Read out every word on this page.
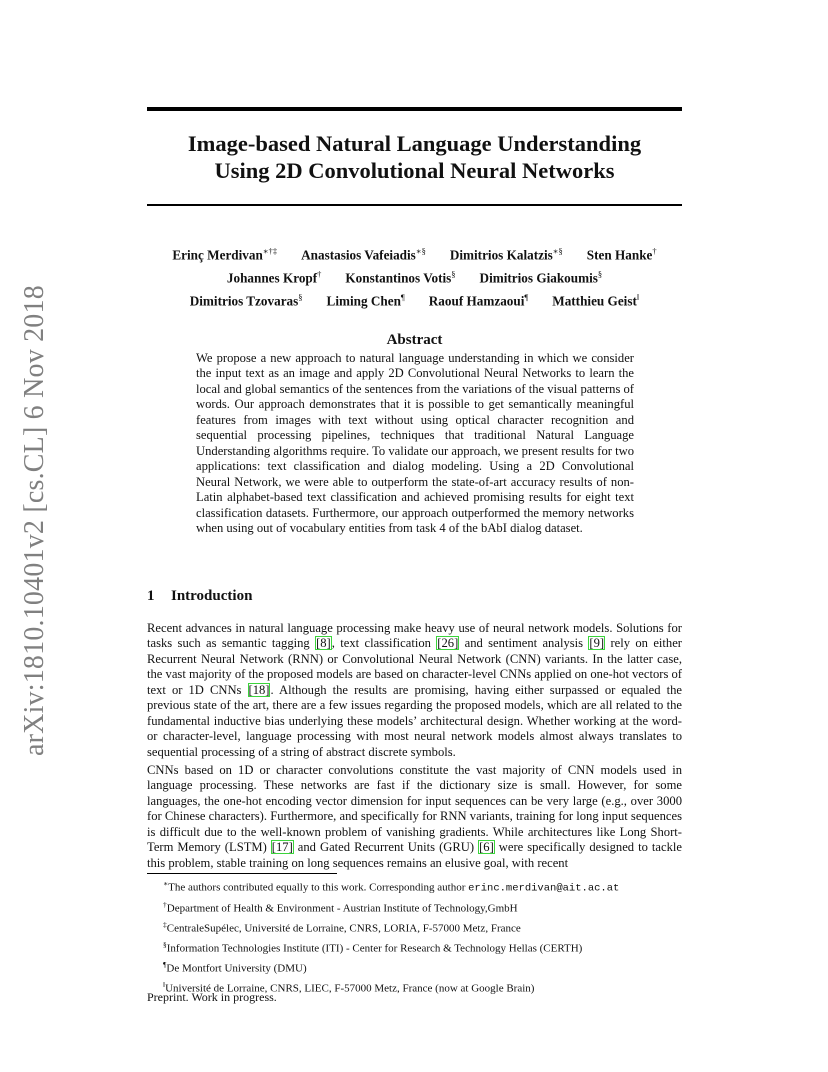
arXiv:1810.10401v2 [cs.CL] 6 Nov 2018
Image-based Natural Language Understanding
Using 2D Convolutional Neural Networks
Erinç Merdivan∗†‡ Anastasios Vafeiadis∗§ Dimitrios Kalatzis∗§ Sten Hanke†
Johannes Kropf† Konstantinos Votis§ Dimitrios Giakoumis§
Dimitrios Tzovaras§ Liming Chen¶ Raouf Hamzaoui¶ Matthieu Geist‖
Abstract

We propose a new approach to natural language understanding in which we consider the input text as an image and apply 2D Convolutional Neural Networks to learn the local and global semantics of the sentences from the variations of the visual patterns of words. Our approach demonstrates that it is possible to get semantically meaningful features from images with text without using optical character recognition and sequential processing pipelines, techniques that traditional Natural Language Understanding algorithms require. To validate our approach, we present results for two applications: text classification and dialog modeling. Using a 2D Convolutional Neural Network, we were able to outperform the state-of-art accuracy results of non-Latin alphabet-based text classification and achieved promising results for eight text classification datasets. Furthermore, our approach outperformed the memory networks when using out of vocabulary entities from task 4 of the bAbI dialog dataset.

1 Introduction

Recent advances in natural language processing make heavy use of neural network models. Solutions for tasks such as semantic tagging [8], text classification [26] and sentiment analysis [9] rely on either Recurrent Neural Network (RNN) or Convolutional Neural Network (CNN) variants. In the latter case, the vast majority of the proposed models are based on character-level CNNs applied on one-hot vectors of text or 1D CNNs [18]. Although the results are promising, having either surpassed or equaled the previous state of the art, there are a few issues regarding the proposed models, which are all related to the fundamental inductive bias underlying these models’ architectural design. Whether working at the word- or character-level, language processing with most neural network models almost always translates to sequential processing of a string of abstract discrete symbols.

CNNs based on 1D or character convolutions constitute the vast majority of CNN models used in language processing. These networks are fast if the dictionary size is small. However, for some languages, the one-hot encoding vector dimension for input sequences can be very large (e.g., over 3000 for Chinese characters). Furthermore, and specifically for RNN variants, training for long input sequences is difficult due to the well-known problem of vanishing gradients. While architectures like Long Short-Term Memory (LSTM) [17] and Gated Recurrent Units (GRU) [6] were specifically designed to tackle this problem, stable training on long sequences remains an elusive goal, with recent

∗The authors contributed equally to this work. Corresponding author erinc.merdivan@ait.ac.at
†Department of Health & Environment - Austrian Institute of Technology,GmbH
‡CentraleSupélec, Université de Lorraine, CNRS, LORIA, F-57000 Metz, France
§Information Technologies Institute (ITI) - Center for Research & Technology Hellas (CERTH)
¶De Montfort University (DMU)
‖Université de Lorraine, CNRS, LIEC, F-57000 Metz, France (now at Google Brain)
Preprint. Work in progress.
